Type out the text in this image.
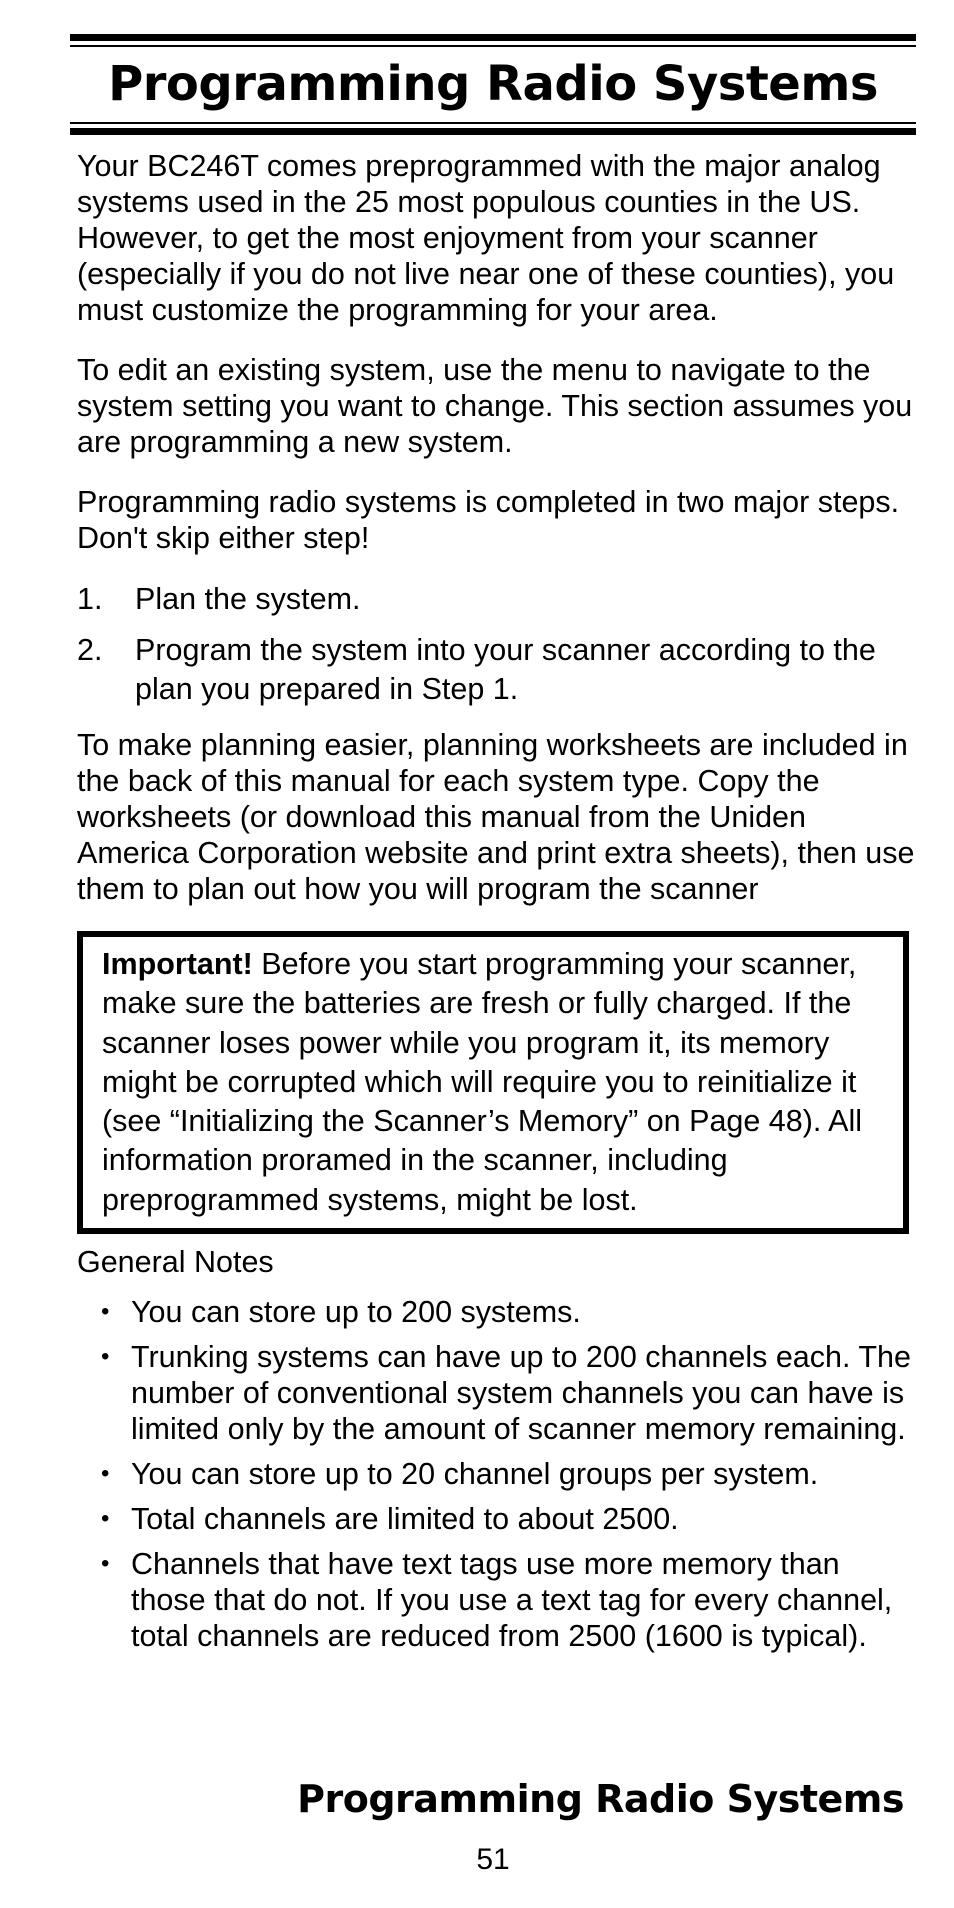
Programming Radio Systems

Your BC246T comes preprogrammed with the major analog systems used in the 25 most populous counties in the US. However, to get the most enjoyment from your scanner (especially if you do not live near one of these counties), you must customize the programming for your area.

To edit an existing system, use the menu to navigate to the system setting you want to change. This section assumes you are programming a new system.

Programming radio systems is completed in two major steps. Don't skip either step!

1.	Plan the system.
2.	Program the system into your scanner according to the plan you prepared in Step 1.

To make planning easier, planning worksheets are included in the back of this manual for each system type. Copy the worksheets (or download this manual from the Uniden America Corporation website and print extra sheets), then use them to plan out how you will program the scanner

Important! Before you start programming your scanner, make sure the batteries are fresh or fully charged. If the scanner loses power while you program it, its memory might be corrupted which will require you to reinitialize it (see “Initializing the Scanner’s Memory” on Page 48). All information proramed in the scanner, including preprogrammed systems, might be lost.
General Notes
• You can store up to 200 systems.
• Trunking systems can have up to 200 channels each. The number of conventional system channels you can have is limited only by the amount of scanner memory remaining.
• You can store up to 20 channel groups per system.
• Total channels are limited to about 2500.
• Channels that have text tags use more memory than those that do not. If you use a text tag for every channel, total channels are reduced from 2500 (1600 is typical).
Programming Radio Systems
51
